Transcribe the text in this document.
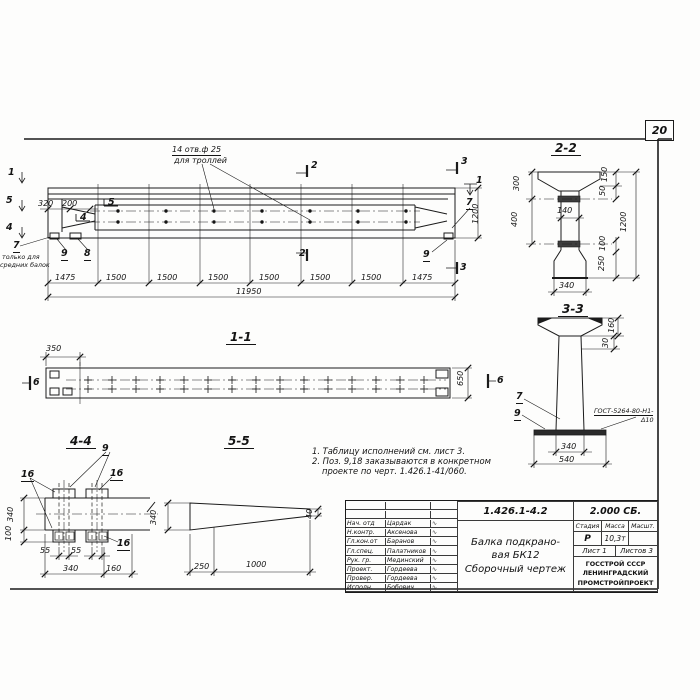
20
14 отв.ф 25
для троллей
320 200	5
4
1
5
4
7
только для
средних балок
9 8
2
2
3
3
1
7
9
1200
11950
1-1
350
650
6	6
2-2
300
400
150
50
1200
140
100
250
340
3-3
160
30
7
9	ГОСТ-5264-80-Н1-
Δ10
340
540
4-4
9
16	16
16
340
100
55	55
340	160
5-5
340	40
250	1000
1. Таблицу исполнений см. лист 3.
2. Поз. 9,18 заказываются в конкретном
проекте по черт. 1.426.1-41/060.
1475	1500	1500	1500	1500	1500	1500	1475
Нач. отд	Цардак	∿
Н.контр.	Аксенова	∿
Гл.кон.от	Баранов	∿
Гл.спец.	Палатников ∿
Рук. гр.	Мединский	∿
Проект.	Гордеева	∿
Провер.	Гордеева	∿
Исполн.	Бобович	∿
1.426.1-4.2	2.000 СБ.
Балка подкрано-
вая БК12
Сборочный чертеж
Стадия Масса	Масшт.
Р	10,3т
Лист 1	Листов 3
ГОССТРОЙ СССР
ЛЕНИНГРАДСКИЙ
ПРОМСТРОЙПРОЕКТ
